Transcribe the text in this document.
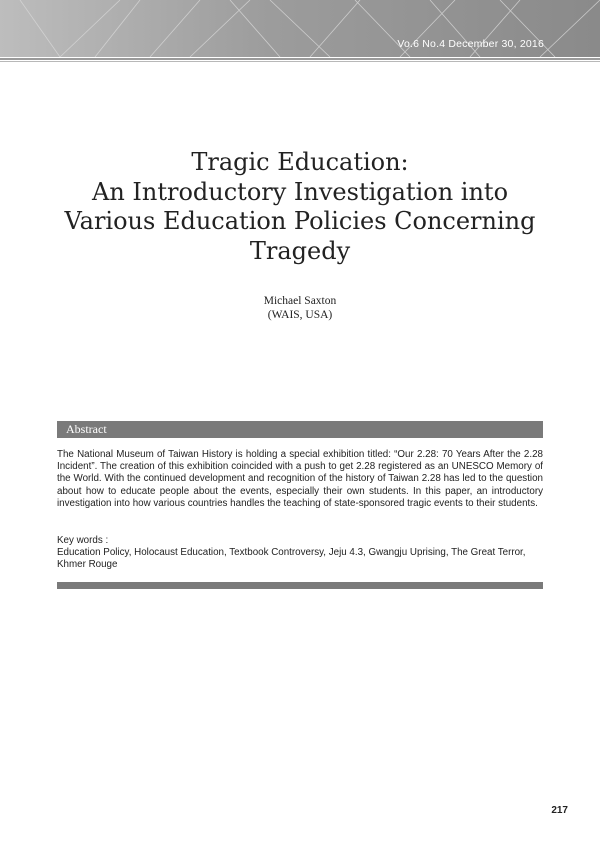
Vo.6 No.4 December 30, 2016
Tragic Education:
An Introductory Investigation into
Various Education Policies Concerning
Tragedy
Michael Saxton
(WAIS, USA)
Abstract
The National Museum of Taiwan History is holding a special exhibition titled: “Our 2.28: 70 Years After the 2.28 Incident”. The creation of this exhibition coincided with a push to get 2.28 registered as an UNESCO Memory of the World. With the continued development and recognition of the history of Taiwan 2.28 has led to the question about how to educate people about the events, especially their own students. In this paper, an introductory investigation into how various countries handles the teaching of state-sponsored tragic events to their students.
Key words :
Education Policy, Holocaust Education, Textbook Controversy, Jeju 4.3, Gwangju Uprising, The Great Terror, Khmer Rouge
217
